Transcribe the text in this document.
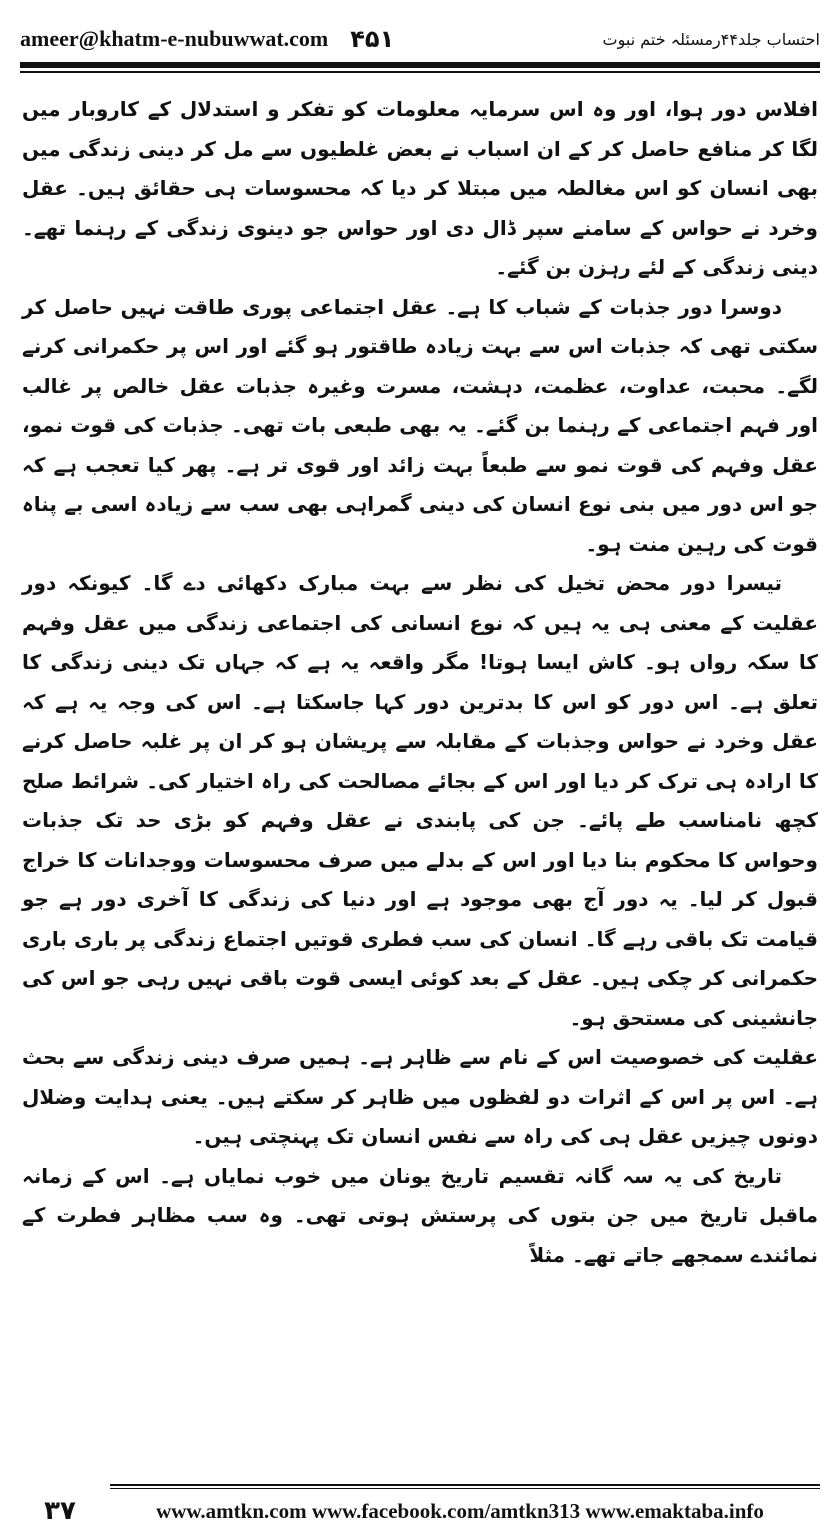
ameer@khatm-e-nubuwwat.com ۴۵۱	احتساب جلد۴۴رمسئلہ ختم نبوت

افلاس دور ہوا، اور وہ اس سرمایہ معلومات کو تفکر و استدلال کے کاروبار میں لگا کر منافع حاصل کر کے ان اسباب نے بعض غلطیوں سے مل کر دینی زندگی میں بھی انسان کو اس مغالطہ میں مبتلا کر دیا کہ محسوسات ہی حقائق ہیں۔ عقل وخرد نے حواس کے سامنے سپر ڈال دی اور حواس جو دینوی زندگی کے رہنما تھے۔ دینی زندگی کے لئے رہزن بن گئے۔

دوسرا دور جذبات کے شباب کا ہے۔ عقل اجتماعی پوری طاقت نہیں حاصل کر سکتی تھی کہ جذبات اس سے بہت زیادہ طاقتور ہو گئے اور اس پر حکمرانی کرنے لگے۔ محبت، عداوت، عظمت، دہشت، مسرت وغیرہ جذبات عقل خالص پر غالب اور فہم اجتماعی کے رہنما بن گئے۔ یہ بھی طبعی بات تھی۔ جذبات کی قوت نمو، عقل وفہم کی قوت نمو سے طبعاً بہت زائد اور قوی تر ہے۔ پھر کیا تعجب ہے کہ جو اس دور میں بنی نوع انسان کی دینی گمراہی بھی سب سے زیادہ اسی بے پناہ قوت کی رہین منت ہو۔

تیسرا دور محض تخیل کی نظر سے بہت مبارک دکھائی دے گا۔ کیونکہ دور عقلیت کے معنی ہی یہ ہیں کہ نوع انسانی کی اجتماعی زندگی میں عقل وفہم کا سکہ رواں ہو۔ کاش ایسا ہوتا! مگر واقعہ یہ ہے کہ جہاں تک دینی زندگی کا تعلق ہے۔ اس دور کو اس کا بدترین دور کہا جاسکتا ہے۔ اس کی وجہ یہ ہے کہ عقل وخرد نے حواس وجذبات کے مقابلہ سے پریشان ہو کر ان پر غلبہ حاصل کرنے کا ارادہ ہی ترک کر دیا اور اس کے بجائے مصالحت کی راہ اختیار کی۔ شرائط صلح کچھ نامناسب طے پائے۔ جن کی پابندی نے عقل وفہم کو بڑی حد تک جذبات وحواس کا محکوم بنا دیا اور اس کے بدلے میں صرف محسوسات ووجدانات کا خراج قبول کر لیا۔ یہ دور آج بھی موجود ہے اور دنیا کی زندگی کا آخری دور ہے جو قیامت تک باقی رہے گا۔ انسان کی سب فطری قوتیں اجتماع زندگی پر باری باری حکمرانی کر چکی ہیں۔ عقل کے بعد کوئی ایسی قوت باقی نہیں رہی جو اس کی جانشینی کی مستحق ہو۔

عقلیت کی خصوصیت اس کے نام سے ظاہر ہے۔ ہمیں صرف دینی زندگی سے بحث ہے۔ اس پر اس کے اثرات دو لفظوں میں ظاہر کر سکتے ہیں۔ یعنی ہدایت وضلال دونوں چیزیں عقل ہی کی راہ سے نفس انسان تک پہنچتی ہیں۔

تاریخ کی یہ سہ گانہ تقسیم تاریخ یونان میں خوب نمایاں ہے۔ اس کے زمانہ ماقبل تاریخ میں جن بتوں کی پرستش ہوتی تھی۔ وہ سب مظاہر فطرت کے نمائندے سمجھے جاتے تھے۔ مثلاً

۳۷	www.amtkn.com www.facebook.com/amtkn313 www.emaktaba.info
